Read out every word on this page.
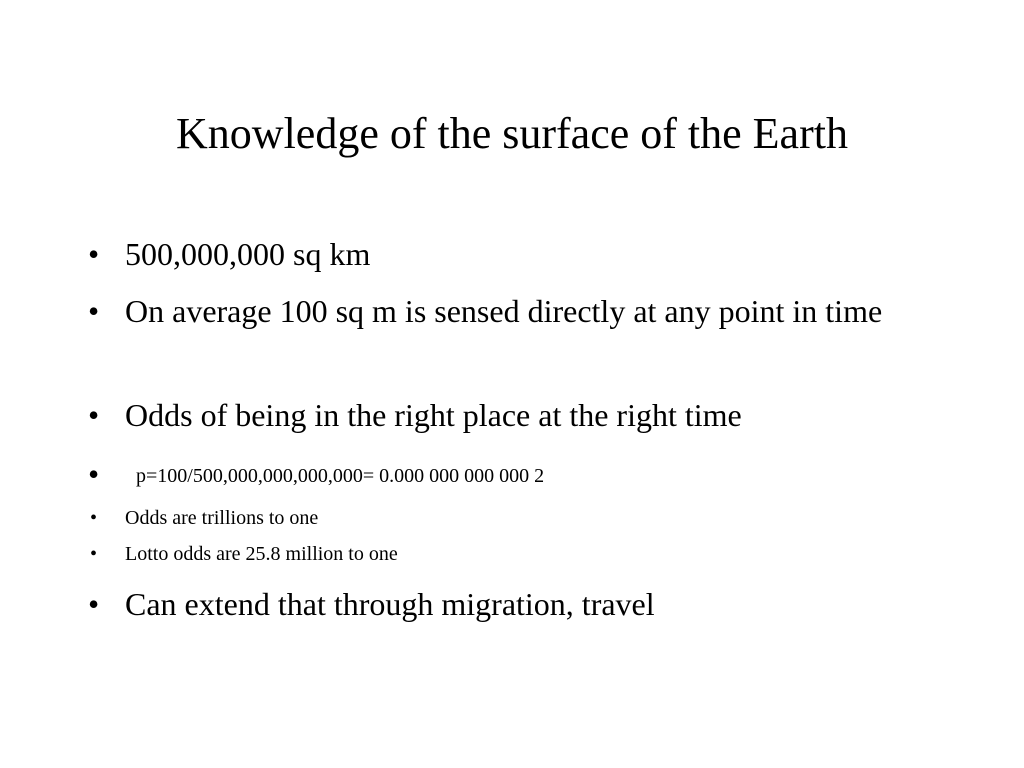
Knowledge of the surface of the Earth
• 500,000,000 sq km
• On average 100 sq m is sensed directly at any point in time
• Odds of being in the right place at the right time
• p=100/500,000,000,000,000= 0.000 000 000 000 2
• Odds are trillions to one
• Lotto odds are 25.8 million to one
• Can extend that through migration, travel
